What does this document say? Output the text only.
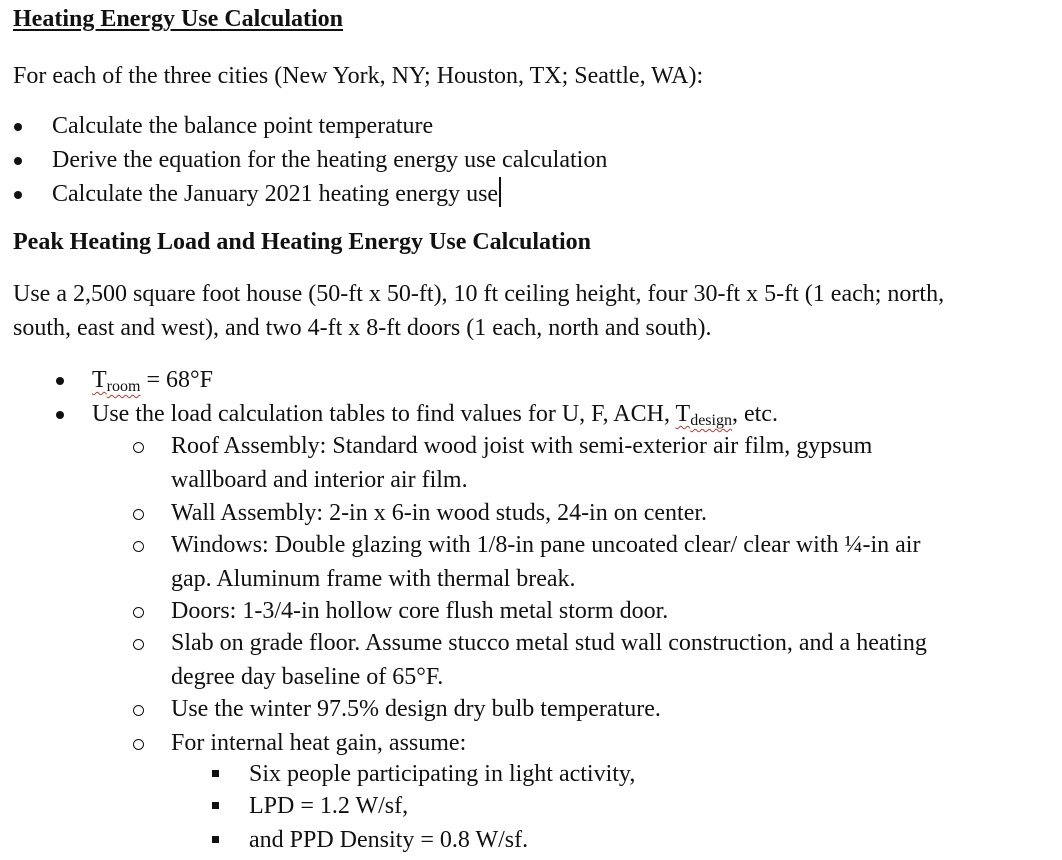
Heating Energy Use Calculation
For each of the three cities (New York, NY; Houston, TX; Seattle, WA):
Calculate the balance point temperature
Derive the equation for the heating energy use calculation
Calculate the January 2021 heating energy use
Peak Heating Load and Heating Energy Use Calculation
Use a 2,500 square foot house (50-ft x 50-ft), 10 ft ceiling height, four 30-ft x 5-ft (1 each; north,
south, east and west), and two 4-ft x 8-ft doors (1 each, north and south).
$T_{room} = 68^\circ F$
Use the load calculation tables to find values for U, F, ACH, $T_{design}$, etc.
Roof Assembly: Standard wood joist with semi-exterior air film, gypsum
wallboard and interior air film.
Wall Assembly: 2-in x 6-in wood studs, 24-in on center.
Windows: Double glazing with 1/8-in pane uncoated clear/ clear with ¼-in air
gap. Aluminum frame with thermal break.
Doors: 1-3/4-in hollow core flush metal storm door.
Slab on grade floor. Assume stucco metal stud wall construction, and a heating
degree day baseline of 65°F.
Use the winter 97.5% design dry bulb temperature.
For internal heat gain, assume:
Six people participating in light activity,
LPD = 1.2 W/sf,
and PPD Density = 0.8 W/sf.
